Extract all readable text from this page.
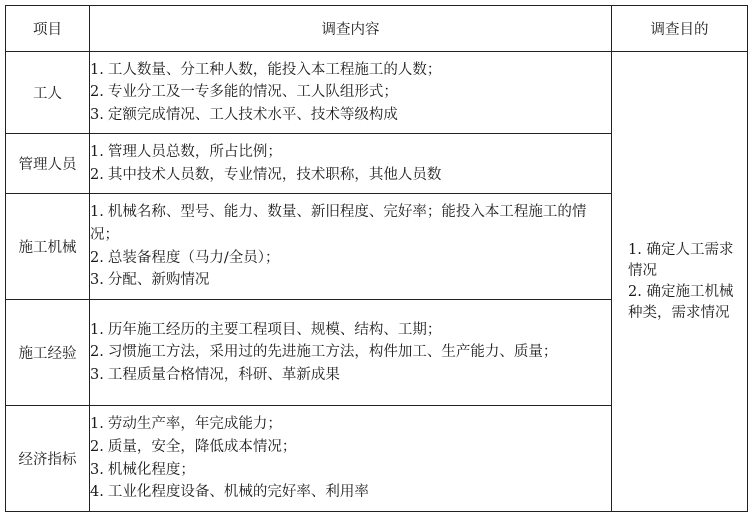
项目	调查内容	调查目的
工人	1. 工人数量、分工种人数，能投入本工程施工的人数；
2. 专业分工及一专多能的情况、工人队组形式；
3. 定额完成情况、工人技术水平、技术等级构成	1. 确定人工需求情况
2. 确定施工机械种类，需求情况

管理人员	1. 管理人员总数，所占比例；
2. 其中技术人员数，专业情况，技术职称，其他人员数	

施工机械	1. 机械名称、型号、能力、数量、新旧程度、完好率；能投入本工程施工的情况；
2. 总装备程度（马力/全员）；
3. 分配、新购情况	

施工经验	1. 历年施工经历的主要工程项目、规模、结构、工期；
2. 习惯施工方法，采用过的先进施工方法，构件加工、生产能力、质量；
3. 工程质量合格情况，科研、革新成果	

经济指标	1. 劳动生产率，年完成能力；
2. 质量，安全，降低成本情况；
3. 机械化程度；
4. 工业化程度设备、机械的完好率、利用率	
